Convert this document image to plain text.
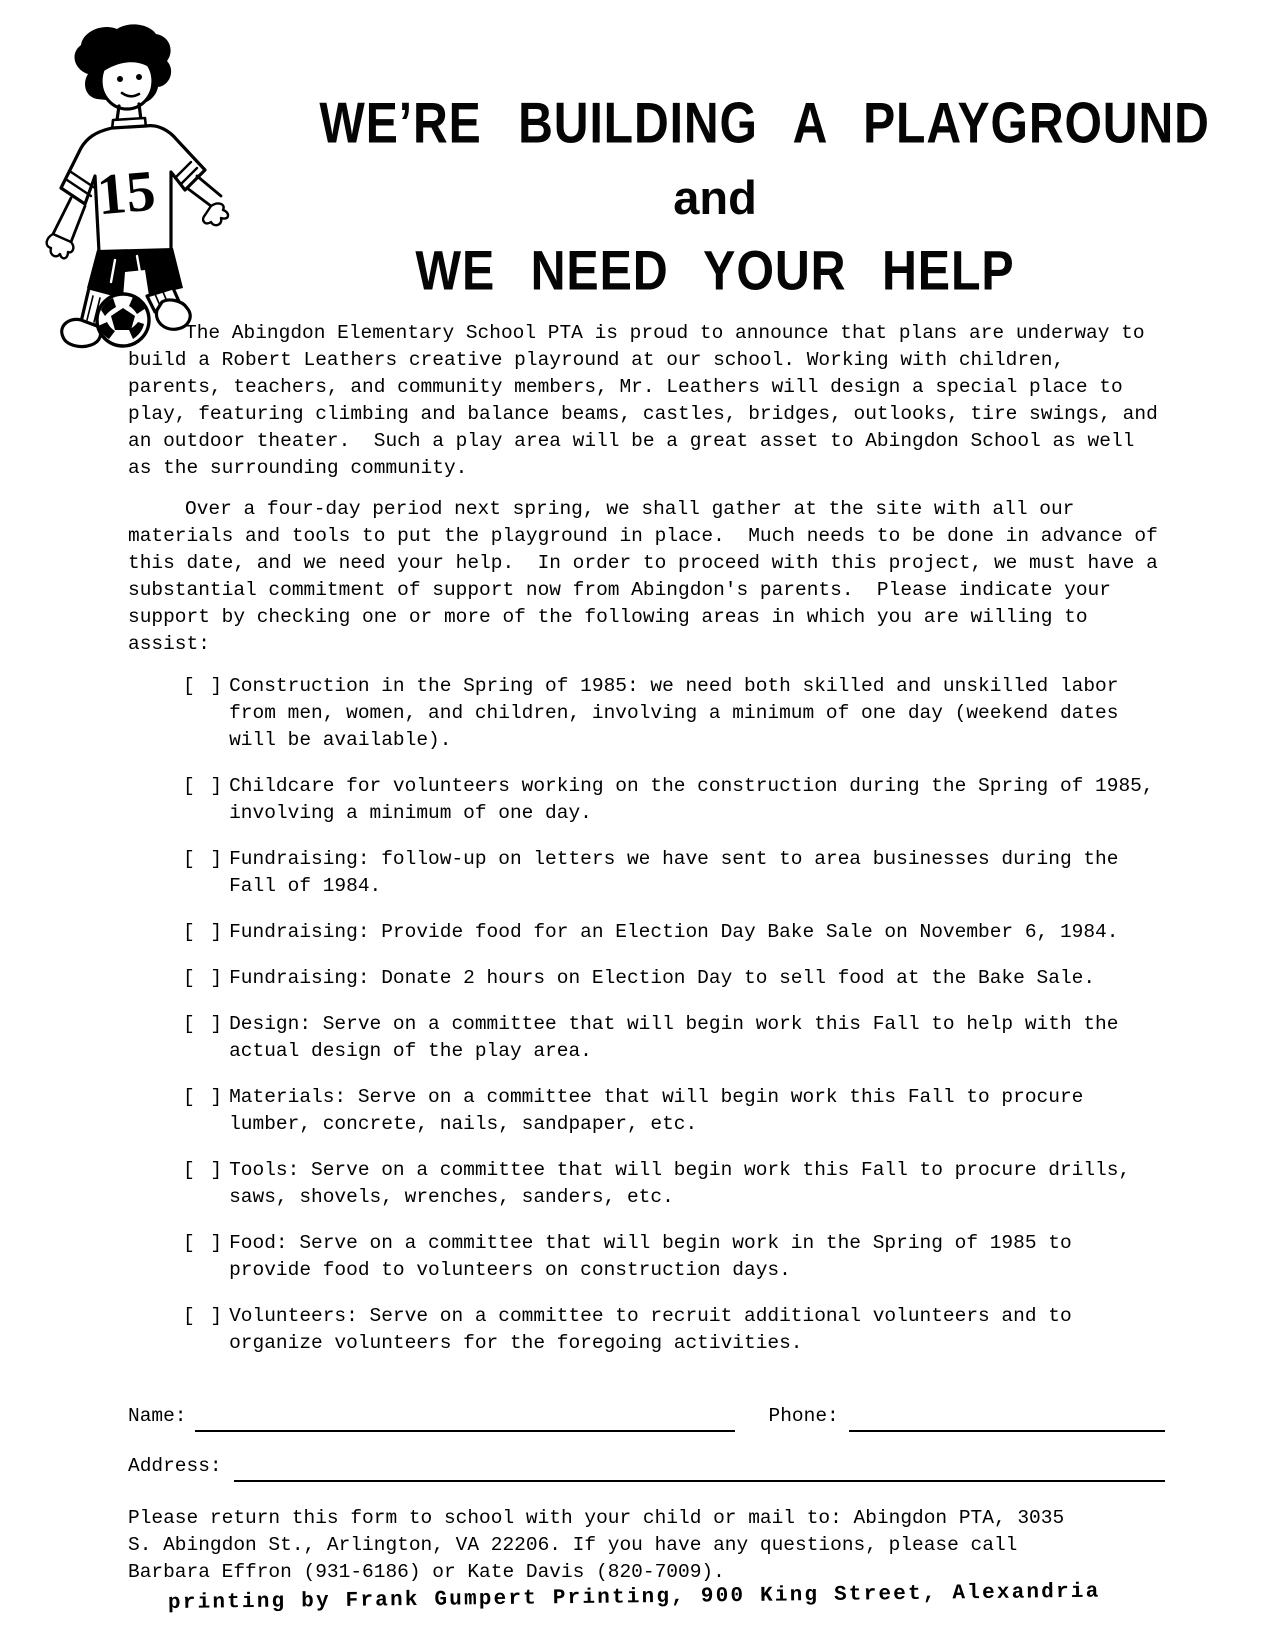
15
WE’RE BUILDING A PLAYGROUND
and
WE NEED YOUR HELP
The Abingdon Elementary School PTA is proud to announce that plans are underway to
build a Robert Leathers creative playround at our school. Working with children,
parents, teachers, and community members, Mr. Leathers will design a special place to
play, featuring climbing and balance beams, castles, bridges, outlooks, tire swings, and
an outdoor theater.  Such a play area will be a great asset to Abingdon School as well
as the surrounding community.
Over a four-day period next spring, we shall gather at the site with all our
materials and tools to put the playground in place.  Much needs to be done in advance of
this date, and we need your help.  In order to proceed with this project, we must have a
substantial commitment of support now from Abingdon's parents.  Please indicate your
support by checking one or more of the following areas in which you are willing to
assist:
[ ] Construction in the Spring of 1985: we need both skilled and unskilled labor
from men, women, and children, involving a minimum of one day (weekend dates
will be available).
[ ] Childcare for volunteers working on the construction during the Spring of 1985,
involving a minimum of one day.
[ ] Fundraising: follow-up on letters we have sent to area businesses during the
Fall of 1984.
[ ] Fundraising: Provide food for an Election Day Bake Sale on November 6, 1984.
[ ] Fundraising: Donate 2 hours on Election Day to sell food at the Bake Sale.
[ ] Design: Serve on a committee that will begin work this Fall to help with the
actual design of the play area.
[ ] Materials: Serve on a committee that will begin work this Fall to procure
lumber, concrete, nails, sandpaper, etc.
[ ] Tools: Serve on a committee that will begin work this Fall to procure drills,
saws, shovels, wrenches, sanders, etc.
[ ] Food: Serve on a committee that will begin work in the Spring of 1985 to
provide food to volunteers on construction days.
[ ] Volunteers: Serve on a committee to recruit additional volunteers and to
organize volunteers for the foregoing activities.
Name:	Phone:
Address:
Please return this form to school with your child or mail to: Abingdon PTA, 3035
S. Abingdon St., Arlington, VA 22206. If you have any questions, please call
Barbara Effron (931-6186) or Kate Davis (820-7009).
printing by Frank Gumpert Printing, 900 King Street, Alexandria
